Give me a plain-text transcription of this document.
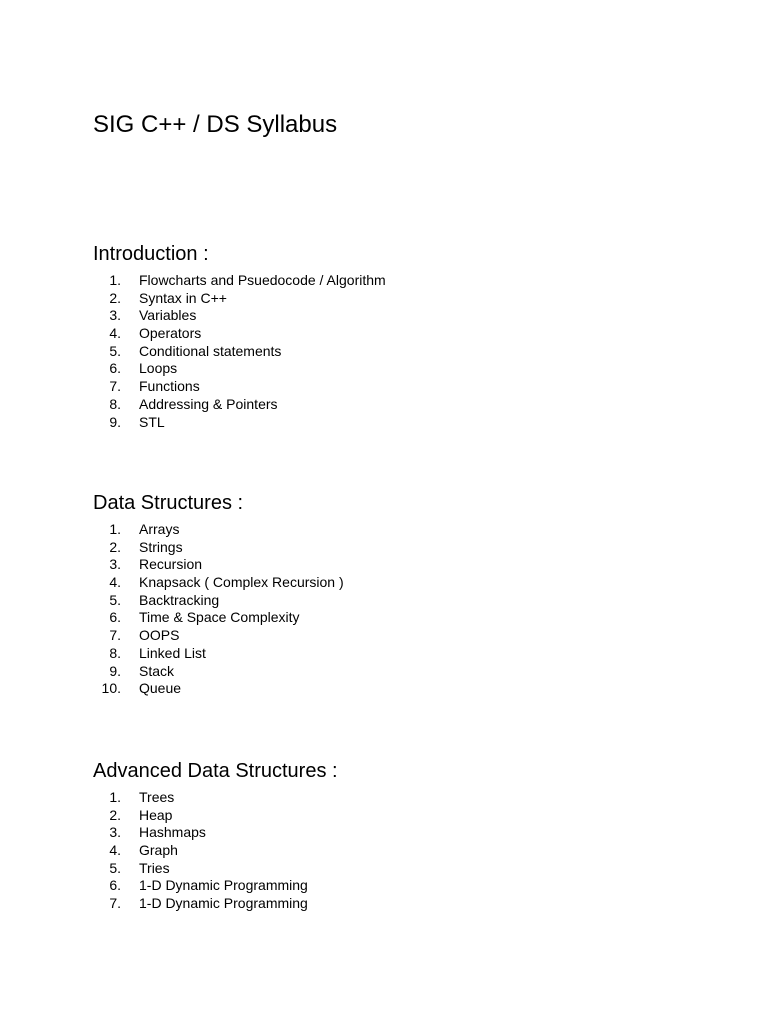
SIG C++ / DS Syllabus
Introduction :
1. Flowcharts and Psuedocode / Algorithm
2. Syntax in C++
3. Variables
4. Operators
5. Conditional statements
6. Loops
7. Functions
8. Addressing & Pointers
9. STL
Data Structures :
1. Arrays
2. Strings
3. Recursion
4. Knapsack ( Complex Recursion )
5. Backtracking
6. Time & Space Complexity
7. OOPS
8. Linked List
9. Stack
10. Queue
Advanced Data Structures :
1. Trees
2. Heap
3. Hashmaps
4. Graph
5. Tries
6. 1-D Dynamic Programming
7. 1-D Dynamic Programming
